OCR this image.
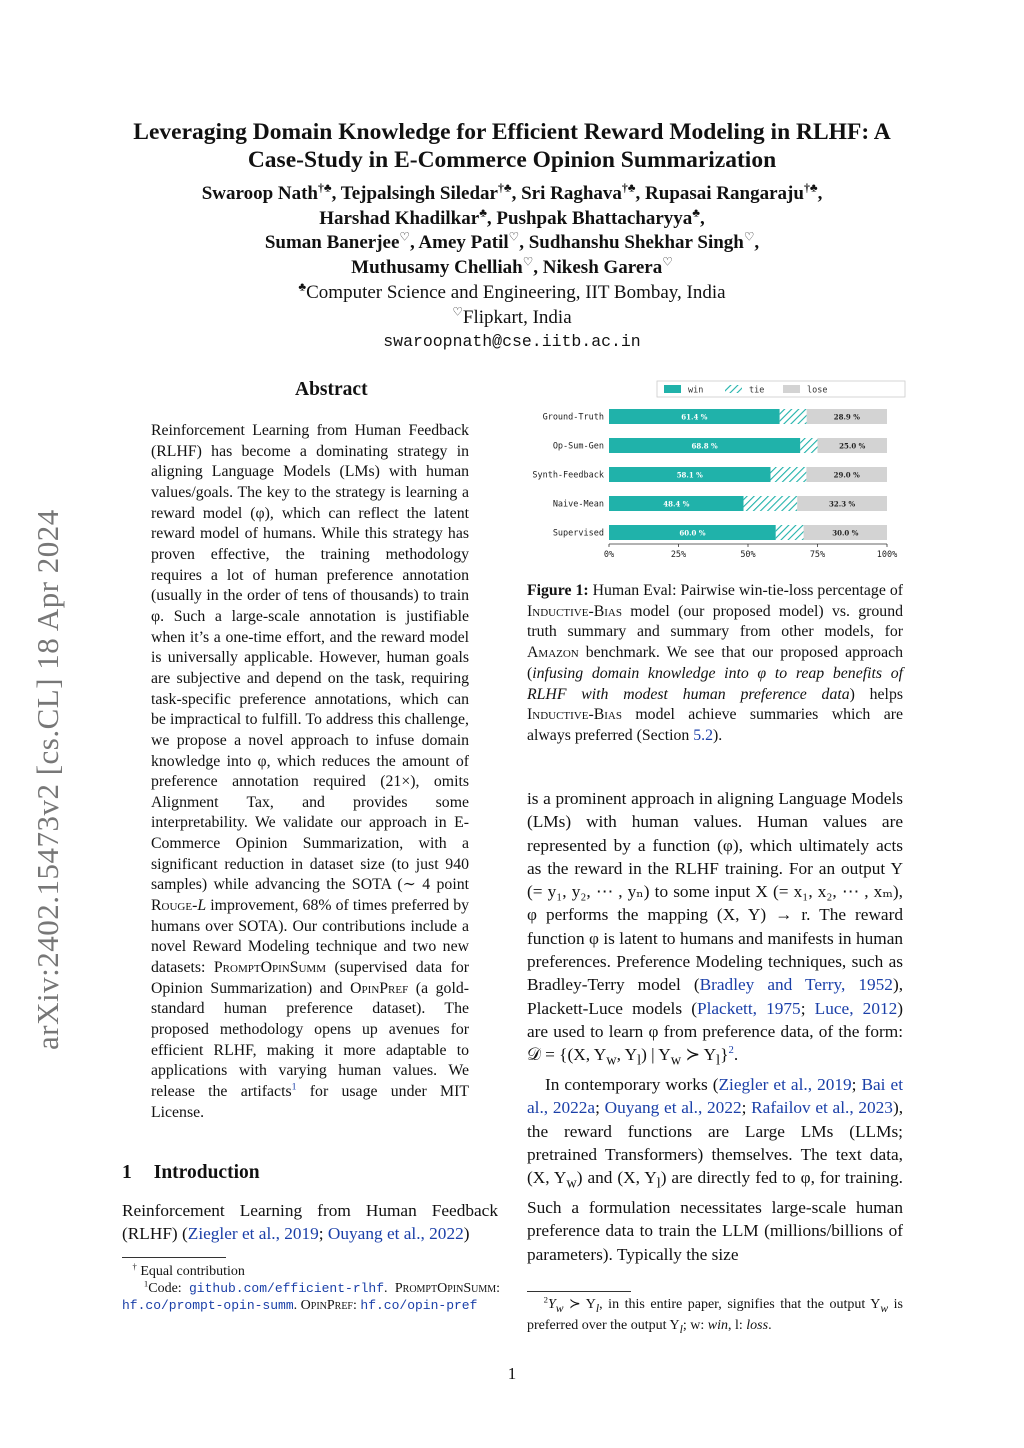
arXiv:2402.15473v2 [cs.CL] 18 Apr 2024
Leveraging Domain Knowledge for Efficient Reward Modeling in RLHF: A
Case-Study in E-Commerce Opinion Summarization
Swaroop Nath†♣, Tejpalsingh Siledar†♣, Sri Raghava†♣, Rupasai Rangaraju†♣,
Harshad Khadilkar♣, Pushpak Bhattacharyya♣,
Suman Banerjee♡, Amey Patil♡, Sudhanshu Shekhar Singh♡,
Muthusamy Chelliah♡, Nikesh Garera♡
♣Computer Science and Engineering, IIT Bombay, India
♡Flipkart, India
swaroopnath@cse.iitb.ac.in
Abstract
Reinforcement Learning from Human Feedback (RLHF) has become a dominating strategy in aligning Language Models (LMs) with human values/goals. The key to the strategy is learning a reward model (φ), which can reflect the latent reward model of humans. While this strategy has proven effective, the training methodology requires a lot of human preference annotation (usually in the order of tens of thousands) to train φ. Such a large-scale annotation is justifiable when it’s a one-time effort, and the reward model is universally applicable. However, human goals are subjective and depend on the task, requiring task-specific preference annotations, which can be impractical to fulfill. To address this challenge, we propose a novel approach to infuse domain knowledge into φ, which reduces the amount of preference annotation required (21×), omits Alignment Tax, and provides some interpretability. We validate our approach in E-Commerce Opinion Summarization, with a significant reduction in dataset size (to just 940 samples) while advancing the SOTA (∼ 4 point Rouge-L improvement, 68% of times preferred by humans over SOTA). Our contributions include a novel Reward Modeling technique and two new datasets: PromptOpinSumm (supervised data for Opinion Summarization) and OpinPref (a gold-standard human preference dataset). The proposed methodology opens up avenues for efficient RLHF, making it more adaptable to applications with varying human values. We release the artifacts$^1$ for usage under MIT License.
1 Introduction
Reinforcement Learning from Human Feedback (RLHF) (Ziegler et al., 2019; Ouyang et al., 2022)
† Equal contribution
$^1$Code: github.com/efficient-rlhf. PromptOpinSumm: hf.co/prompt-opin-summ. OpinPref: hf.co/opin-pref
win	tie	lose
Ground-Truth	61.4 %	28.9 %
Op-Sum-Gen	68.8 %	25.0 %
Synth-Feedback	58.1 %	29.0 %
Naive-Mean	48.4 %	32.3 %
Supervised	60.0 %	30.0 %
0%	25%	50%	75%	100%
Figure 1: Human Eval: Pairwise win-tie-loss percentage of Inductive-Bias model (our proposed model) vs. ground truth summary and summary from other models, for Amazon benchmark. We see that our proposed approach (infusing domain knowledge into φ to reap benefits of RLHF with modest human preference data) helps Inductive-Bias model achieve summaries which are always preferred (Section 5.2).

is a prominent approach in aligning Language Models (LMs) with human values. Human values are represented by a function (φ), which ultimately acts as the reward in the RLHF training. For an output Y (= y₁, y₂, ⋯ , yₙ) to some input X (= x₁, x₂, ⋯ , xₘ), φ performs the mapping (X, Y) → r. The reward function φ is latent to humans and manifests in human preferences. Preference Modeling techniques, such as Bradley-Terry model (Bradley and Terry, 1952), Plackett-Luce models (Plackett, 1975; Luce, 2012) are used to learn φ from preference data, of the form: 𝒟 = {(X, $Y_w$, $Y_l$) | $Y_w$ ≻ $Y_l\}^2$.

In contemporary works (Ziegler et al., 2019; Bai et al., 2022a; Ouyang et al., 2022; Rafailov et al., 2023), the reward functions are Large LMs (LLMs; pretrained Transformers) themselves. The text data, (X, $Y_w$) and (X, $Y_l$) are directly fed to φ, for training. Such a formulation necessitates large-scale human preference data to train the LLM (millions/billions of parameters). Typically the size

$^2Y_w$ ≻ $Y_l$, in this entire paper, signifies that the output $Y_w$ is preferred over the output $Y_l$; w: win, l: loss.
1
